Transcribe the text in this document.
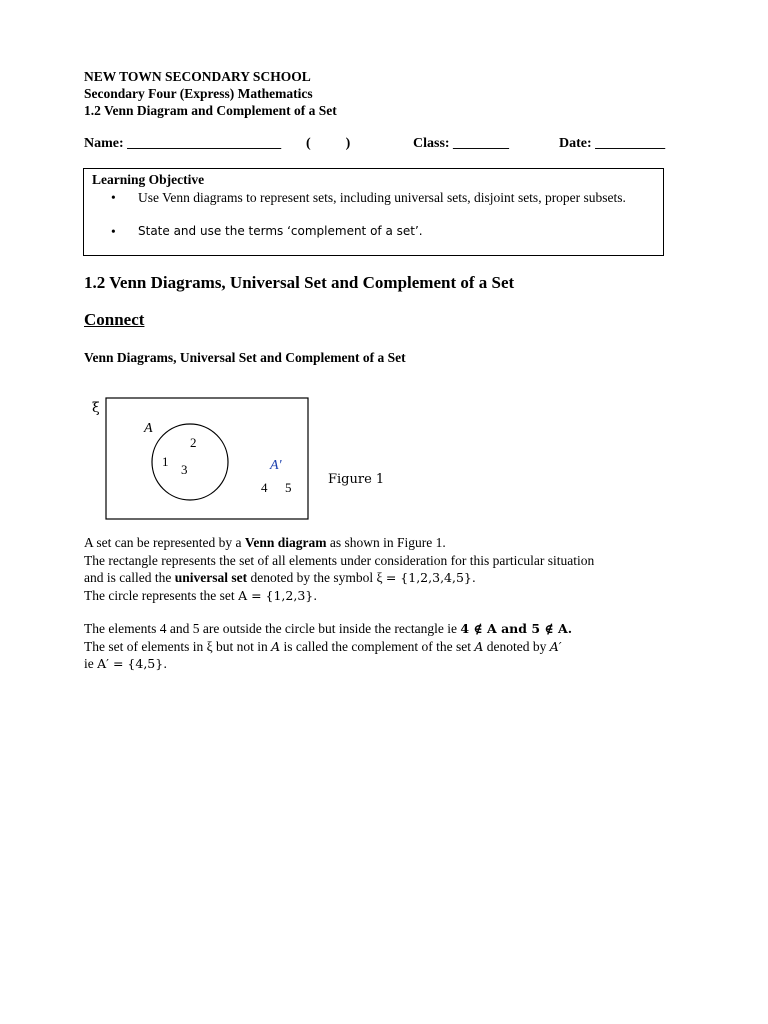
NEW TOWN SECONDARY SCHOOL
Secondary Four (Express) Mathematics
1.2 Venn Diagram and Complement of a Set
Name: ______________________ (          )	Class: ________	Date: __________
Learning Objective
• Use Venn diagrams to represent sets, including universal sets, disjoint sets, proper subsets.
• State and use the terms ‘complement of a set’.
1.2 Venn Diagrams, Universal Set and Complement of a Set
Connect
Venn Diagrams, Universal Set and Complement of a Set
ξ
A
2
1
3	A'
4 5
Figure 1
A set can be represented by a Venn diagram as shown in Figure 1.
The rectangle represents the set of all elements under consideration for this particular situation
and is called the universal set denoted by the symbol ξ = {1,2,3,4,5}.
The circle represents the set A = {1,2,3}.
The elements 4 and 5 are outside the circle but inside the rectangle ie 4 ∉ A and 5 ∉ A.
The set of elements in ξ but not in A is called the complement of the set A denoted by A′
ie A′ = {4,5}.
